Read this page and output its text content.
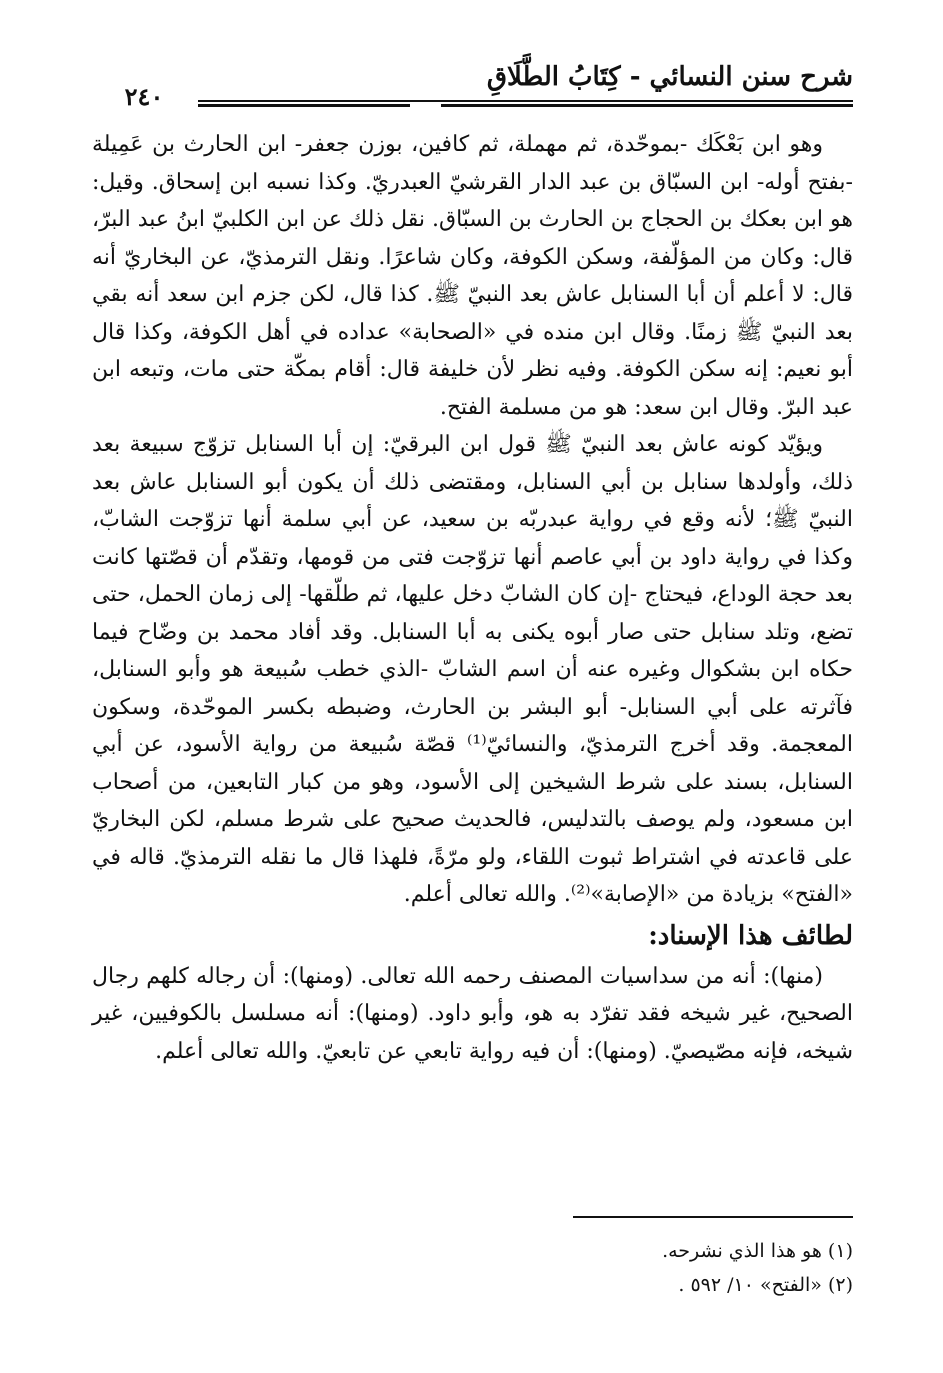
شرح سنن النسائي - كِتَابُ الطَّلَاقِ
٢٤٠

وهو ابن بَعْكَك -بموحّدة، ثم مهملة، ثم كافين، بوزن جعفر- ابن الحارث بن عَمِيلة -بفتح أوله- ابن السبّاق بن عبد الدار القرشيّ العبدريّ. وكذا نسبه ابن إسحاق. وقيل: هو ابن بعكك بن الحجاج بن الحارث بن السبّاق. نقل ذلك عن ابن الكلبيّ ابنُ عبد البرّ، قال: وكان من المؤلّفة، وسكن الكوفة، وكان شاعرًا. ونقل الترمذيّ، عن البخاريّ أنه قال: لا أعلم أن أبا السنابل عاش بعد النبيّ ﷺ. كذا قال، لكن جزم ابن سعد أنه بقي بعد النبيّ ﷺ زمنًا. وقال ابن منده في «الصحابة» عداده في أهل الكوفة، وكذا قال أبو نعيم: إنه سكن الكوفة. وفيه نظر لأن خليفة قال: أقام بمكّة حتى مات، وتبعه ابن عبد البرّ. وقال ابن سعد: هو من مسلمة الفتح.

ويؤيّد كونه عاش بعد النبيّ ﷺ قول ابن البرقيّ: إن أبا السنابل تزوّج سبيعة بعد ذلك، وأولدها سنابل بن أبي السنابل، ومقتضى ذلك أن يكون أبو السنابل عاش بعد النبيّ ﷺ؛ لأنه وقع في رواية عبدربّه بن سعيد، عن أبي سلمة أنها تزوّجت الشابّ، وكذا في رواية داود بن أبي عاصم أنها تزوّجت فتى من قومها، وتقدّم أن قصّتها كانت بعد حجة الوداع، فيحتاج -إن كان الشابّ دخل عليها، ثم طلّقها- إلى زمان الحمل، حتى تضع، وتلد سنابل حتى صار أبوه يكنى به أبا السنابل. وقد أفاد محمد بن وضّاح فيما حكاه ابن بشكوال وغيره عنه أن اسم الشابّ -الذي خطب سُبيعة هو وأبو السنابل، فآثرته على أبي السنابل- أبو البشر بن الحارث، وضبطه بكسر الموحّدة، وسكون المعجمة. وقد أخرج الترمذيّ، والنسائيّ⁽¹⁾ قصّة سُبيعة من رواية الأسود، عن أبي السنابل، بسند على شرط الشيخين إلى الأسود، وهو من كبار التابعين، من أصحاب ابن مسعود، ولم يوصف بالتدليس، فالحديث صحيح على شرط مسلم، لكن البخاريّ على قاعدته في اشتراط ثبوت اللقاء، ولو مرّةً، فلهذا قال ما نقله الترمذيّ. قاله في «الفتح» بزيادة من «الإصابة»⁽²⁾. والله تعالى أعلم.

لطائف هذا الإسناد:

(منها): أنه من سداسيات المصنف رحمه الله تعالى. (ومنها): أن رجاله كلهم رجال الصحيح، غير شيخه فقد تفرّد به هو، وأبو داود. (ومنها): أنه مسلسل بالكوفيين، غير شيخه، فإنه مصّيصيّ. (ومنها): أن فيه رواية تابعي عن تابعيّ. والله تعالى أعلم.

(١) هو هذا الذي نشرحه.
(٢) «الفتح» ١٠/ ٥٩٢ .
